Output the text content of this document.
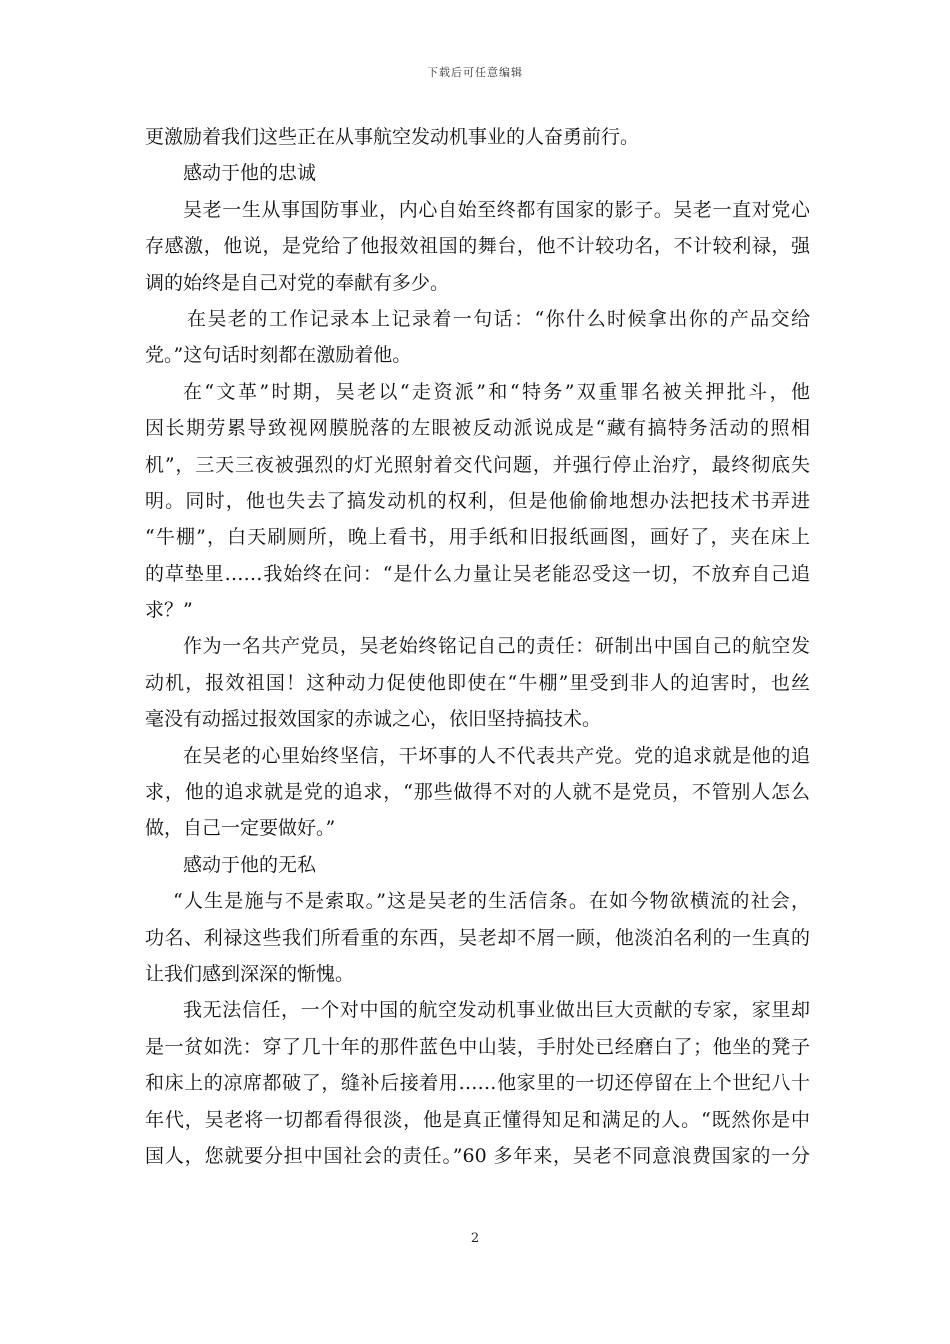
下载后可任意编辑
更激励着我们这些正在从事航空发动机事业的人奋勇前行。
感动于他的忠诚
吴老一生从事国防事业，内心自始至终都有国家的影子。吴老一直对党心
存感激，他说，是党给了他报效祖国的舞台，他不计较功名，不计较利禄，强
调的始终是自己对党的奉献有多少。
在吴老的工作记录本上记录着一句话：“你什么时候拿出你的产品交给
党。”这句话时刻都在激励着他。
在“文革”时期，吴老以“走资派”和“特务”双重罪名被关押批斗，他
因长期劳累导致视网膜脱落的左眼被反动派说成是“藏有搞特务活动的照相
机”，三天三夜被强烈的灯光照射着交代问题，并强行停止治疗，最终彻底失
明。同时，他也失去了搞发动机的权利，但是他偷偷地想办法把技术书弄进
“牛棚”，白天刷厕所，晚上看书，用手纸和旧报纸画图，画好了，夹在床上
的草垫里……我始终在问：“是什么力量让吴老能忍受这一切，不放弃自己追
求？”
作为一名共产党员，吴老始终铭记自己的责任：研制出中国自己的航空发
动机，报效祖国！这种动力促使他即使在“牛棚”里受到非人的迫害时，也丝
毫没有动摇过报效国家的赤诚之心，依旧坚持搞技术。
在吴老的心里始终坚信，干坏事的人不代表共产党。党的追求就是他的追
求，他的追求就是党的追求，“那些做得不对的人就不是党员，不管别人怎么
做，自己一定要做好。”
感动于他的无私
“人生是施与不是索取。”这是吴老的生活信条。在如今物欲横流的社会，
功名、利禄这些我们所看重的东西，吴老却不屑一顾，他淡泊名利的一生真的
让我们感到深深的惭愧。
我无法信任，一个对中国的航空发动机事业做出巨大贡献的专家，家里却
是一贫如洗：穿了几十年的那件蓝色中山装，手肘处已经磨白了；他坐的凳子
和床上的凉席都破了，缝补后接着用……他家里的一切还停留在上个世纪八十
年代，吴老将一切都看得很淡，他是真正懂得知足和满足的人。“既然你是中
国人，您就要分担中国社会的责任。”60 多年来，吴老不同意浪费国家的一分
2
